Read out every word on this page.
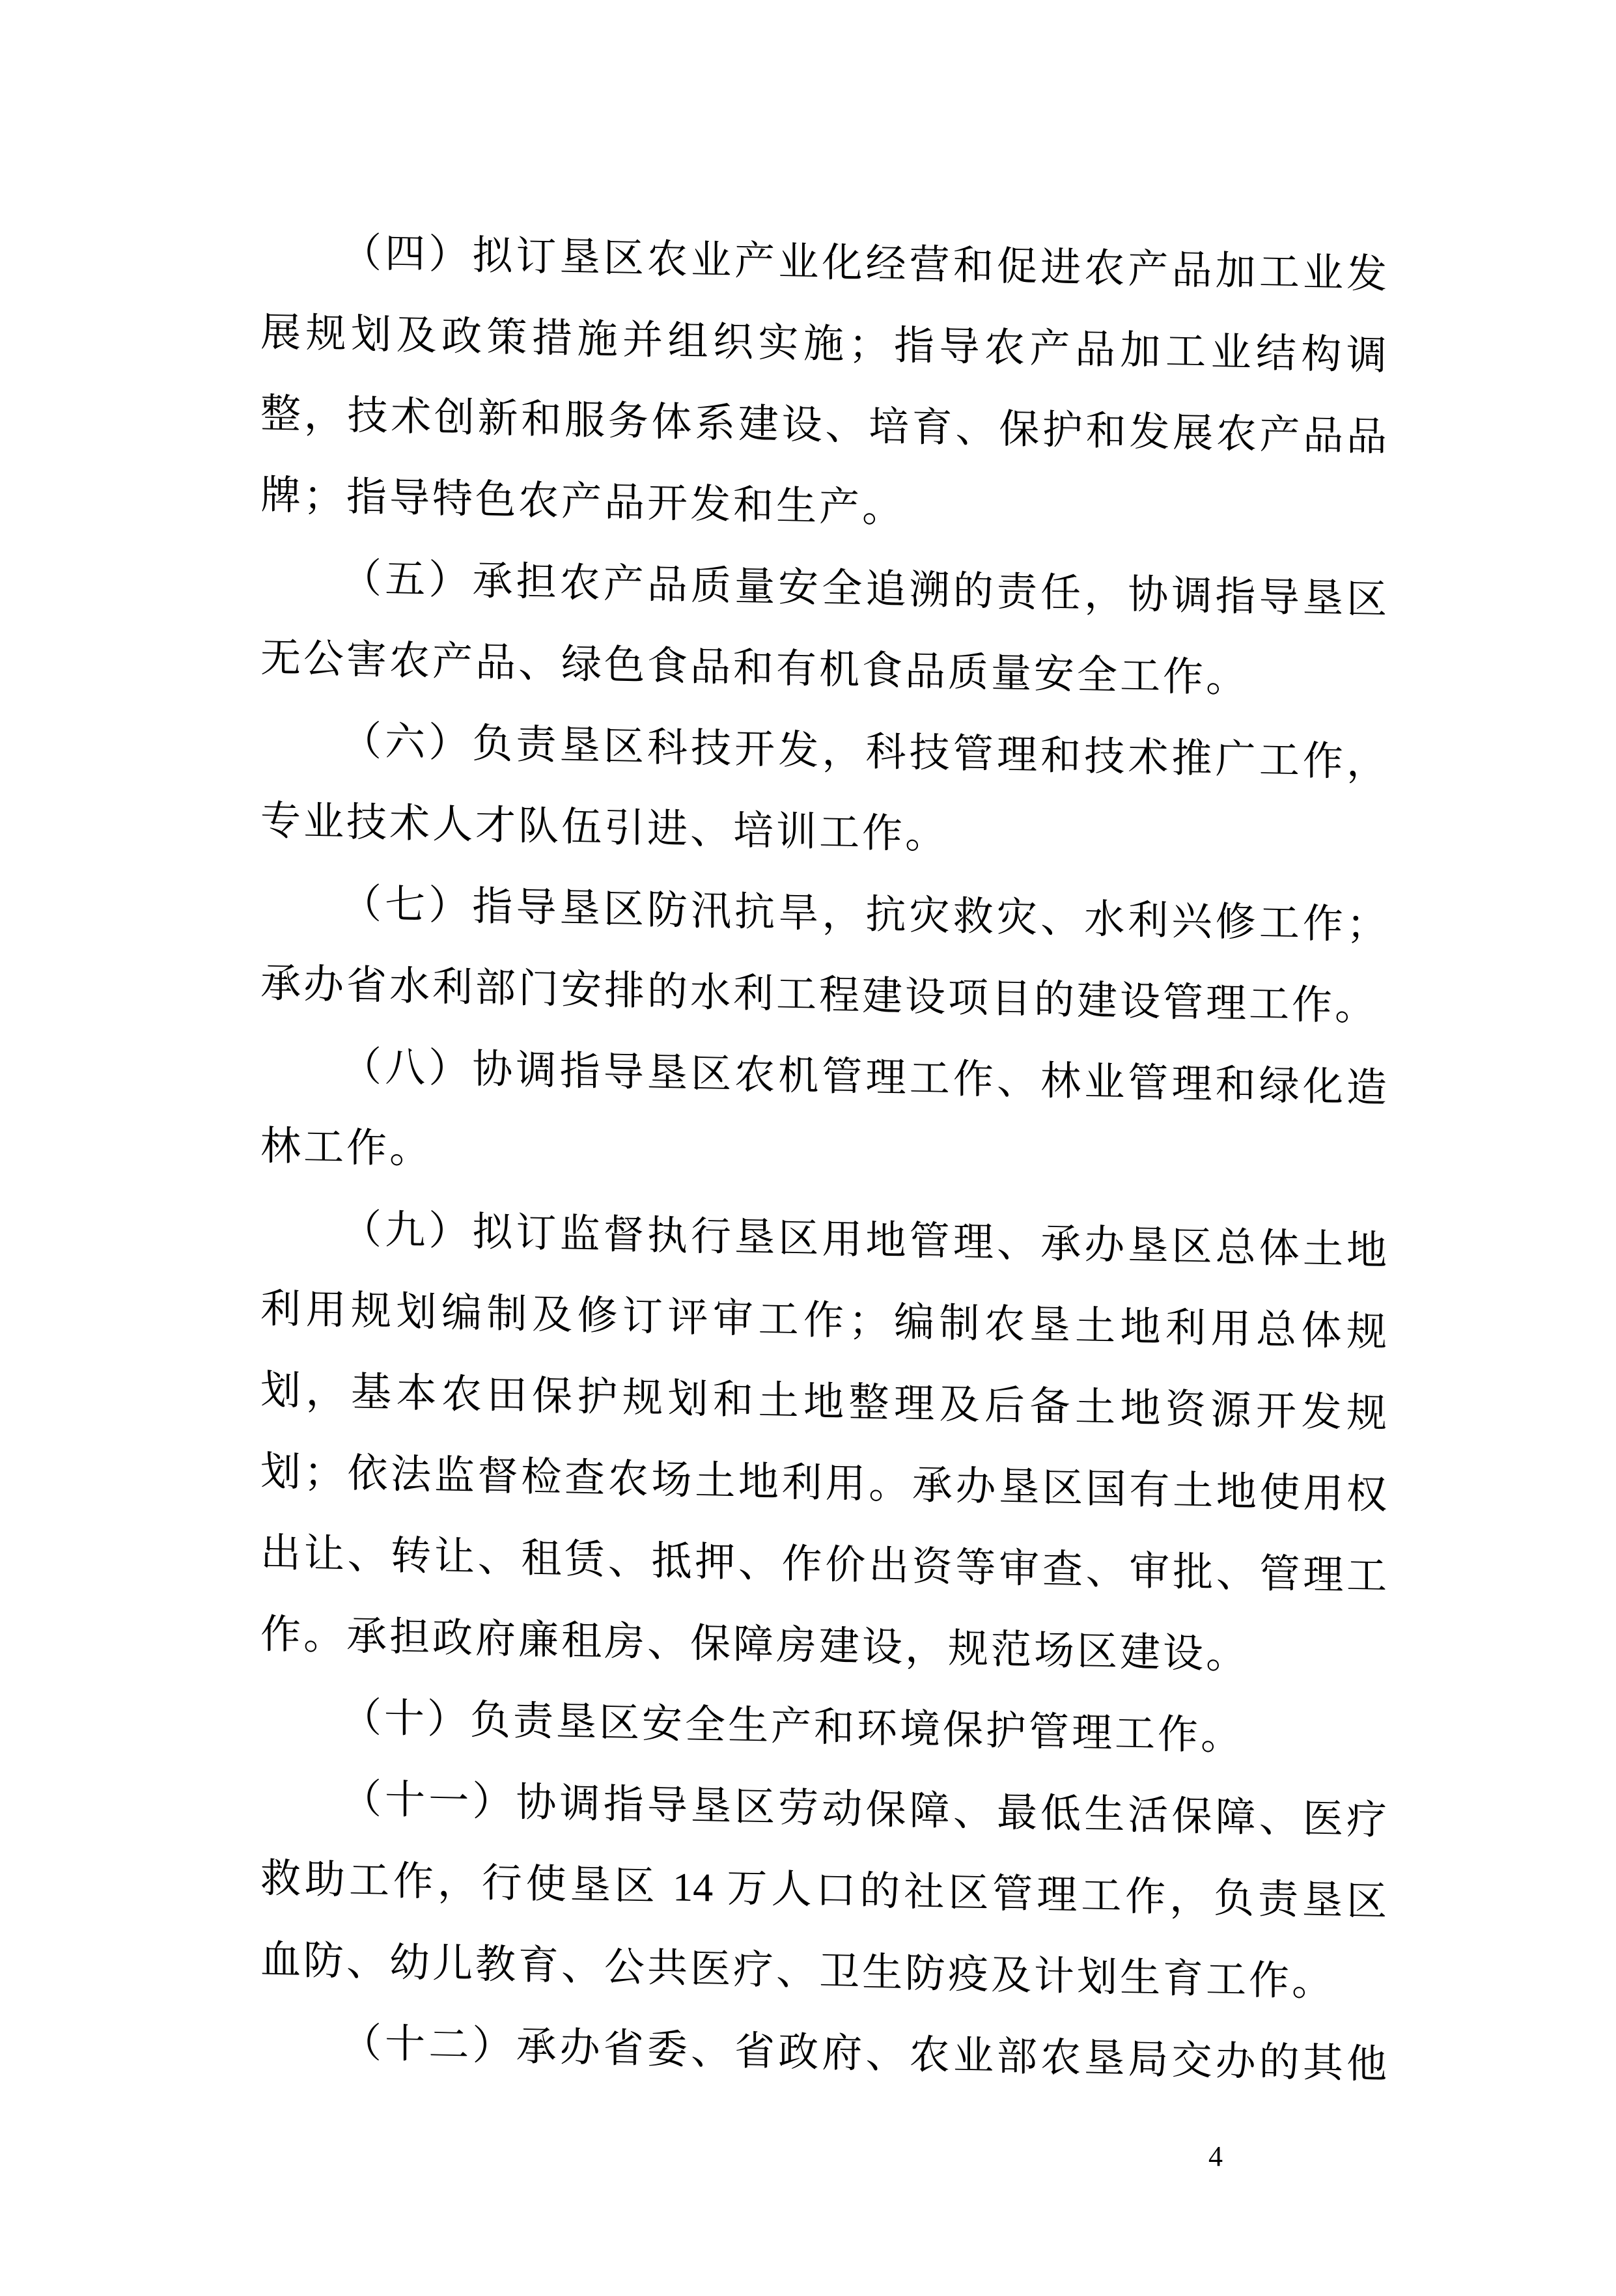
（四）拟订垦区农业产业化经营和促进农产品加工业发
展规划及政策措施并组织实施；指导农产品加工业结构调
整，技术创新和服务体系建设、培育、保护和发展农产品品
牌；指导特色农产品开发和生产。
（五）承担农产品质量安全追溯的责任，协调指导垦区
无公害农产品、绿色食品和有机食品质量安全工作。
（六）负责垦区科技开发，科技管理和技术推广工作，
专业技术人才队伍引进、培训工作。
（七）指导垦区防汛抗旱，抗灾救灾、水利兴修工作；
承办省水利部门安排的水利工程建设项目的建设管理工作。
（八）协调指导垦区农机管理工作、林业管理和绿化造
林工作。
（九）拟订监督执行垦区用地管理、承办垦区总体土地
利用规划编制及修订评审工作；编制农垦土地利用总体规
划，基本农田保护规划和土地整理及后备土地资源开发规
划；依法监督检查农场土地利用。承办垦区国有土地使用权
出让、转让、租赁、抵押、作价出资等审查、审批、管理工
作。承担政府廉租房、保障房建设，规范场区建设。
（十）负责垦区安全生产和环境保护管理工作。
（十一）协调指导垦区劳动保障、最低生活保障、医疗
救助工作，行使垦区 14 万人口的社区管理工作，负责垦区
血防、幼儿教育、公共医疗、卫生防疫及计划生育工作。
（十二）承办省委、省政府、农业部农垦局交办的其他
4
